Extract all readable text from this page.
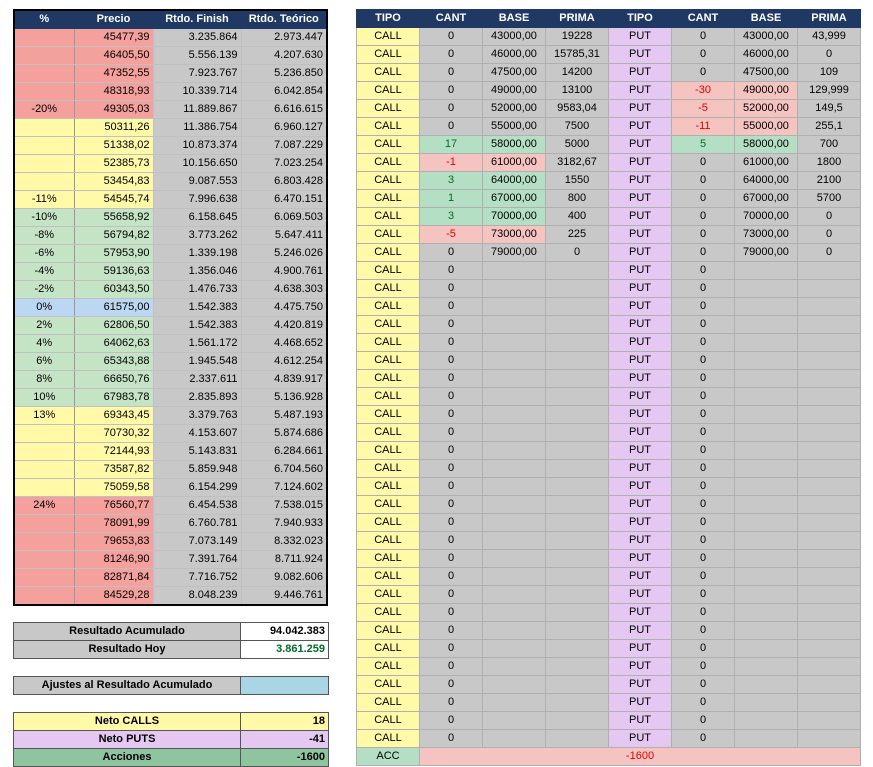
%	Precio	Rtdo. Finish	Rtdo. Teórico
	45477,39	3.235.864	2.973.447
	46405,50	5.556.139	4.207.630
	47352,55	7.923.767	5.236.850
	48318,93	10.339.714	6.042.854
-20%	49305,03	11.889.867	6.616.615
	50311,26	11.386.754	6.960.127
	51338,02	10.873.374	7.087.229
	52385,73	10.156.650	7.023.254
	53454,83	9.087.553	6.803.428
-11%	54545,74	7.996.638	6.470.151
-10%	55658,92	6.158.645	6.069.503
-8%	56794,82	3.773.262	5.647.411
-6%	57953,90	1.339.198	5.246.026
-4%	59136,63	1.356.046	4.900.761
-2%	60343,50	1.476.733	4.638.303
0%	61575,00	1.542.383	4.475.750
2%	62806,50	1.542.383	4.420.819
4%	64062,63	1.561.172	4.468.652
6%	65343,88	1.945.548	4.612.254
8%	66650,76	2.337.611	4.839.917
10%	67983,78	2.835.893	5.136.928
13%	69343,45	3.379.763	5.487.193
	70730,32	4.153.607	5.874.686
	72144,93	5.143.831	6.284.661
	73587,82	5.859.948	6.704.560
	75059,58	6.154.299	7.124.602
24%	76560,77	6.454.538	7.538.015
	78091,99	6.760.781	7.940.933
	79653,83	7.073.149	8.332.023
	81246,90	7.391.764	8.711.924
	82871,84	7.716.752	9.082.606
	84529,28	8.048.239	9.446.761
TIPO	CANT	BASE	PRIMA	TIPO	CANT	BASE	PRIMA
CALL	0	43000,00	19228	PUT	0	43000,00	43,999
CALL	0	46000,00	15785,31	PUT	0	46000,00	0
CALL	0	47500,00	14200	PUT	0	47500,00	109
CALL	0	49000,00	13100	PUT	-30	49000,00	129,999
CALL	0	52000,00	9583,04	PUT	-5	52000,00	149,5
CALL	0	55000,00	7500	PUT	-11	55000,00	255,1
CALL	17	58000,00	5000	PUT	5	58000,00	700
CALL	-1	61000,00	3182,67	PUT	0	61000,00	1800
CALL	3	64000,00	1550	PUT	0	64000,00	2100
CALL	1	67000,00	800	PUT	0	67000,00	5700
CALL	3	70000,00	400	PUT	0	70000,00	0
CALL	-5	73000,00	225	PUT	0	73000,00	0
CALL	0	79000,00	0	PUT	0	79000,00	0
CALL	0			PUT	0		
CALL	0			PUT	0		
CALL	0			PUT	0		
CALL	0			PUT	0		
CALL	0			PUT	0		
CALL	0			PUT	0		
CALL	0			PUT	0		
CALL	0			PUT	0		
CALL	0			PUT	0		
CALL	0			PUT	0		
CALL	0			PUT	0		
CALL	0			PUT	0		
CALL	0			PUT	0		
CALL	0			PUT	0		
CALL	0			PUT	0		
CALL	0			PUT	0		
CALL	0			PUT	0		
CALL	0			PUT	0		
CALL	0			PUT	0		
CALL	0			PUT	0		
CALL	0			PUT	0		
CALL	0			PUT	0		
CALL	0			PUT	0		
CALL	0			PUT	0		
CALL	0			PUT	0		
CALL	0			PUT	0		
CALL	0			PUT	0		
ACC	-1600						
Resultado Acumulado	94.042.383
Resultado Hoy	3.861.259
Ajustes al Resultado Acumulado	
Neto CALLS	18
Neto PUTS	-41
Acciones	-1600
